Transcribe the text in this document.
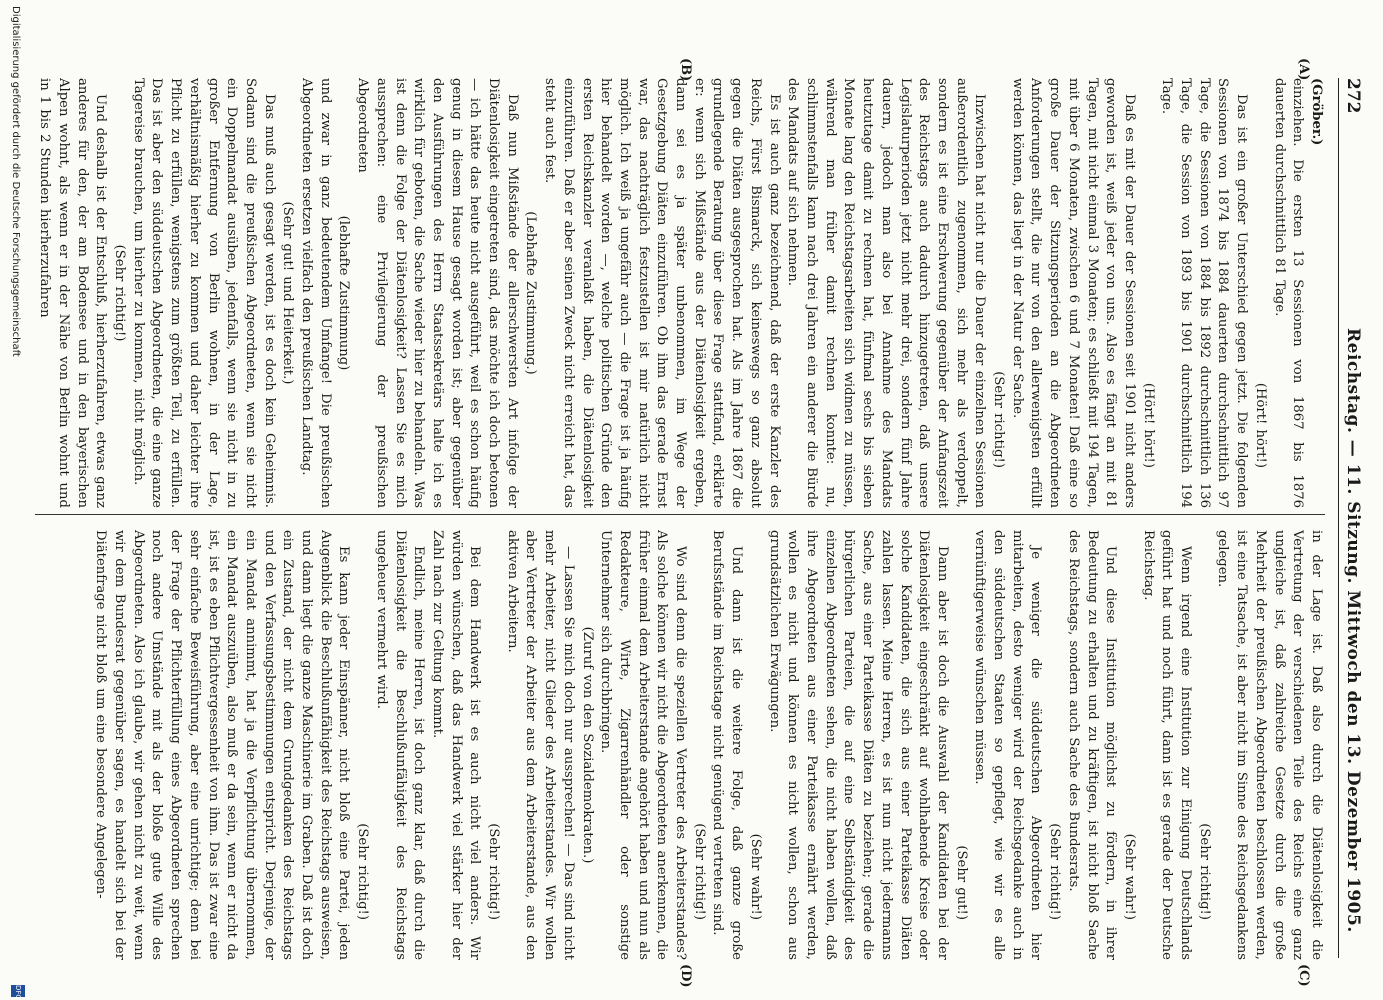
272
Reichstag. — 11. Sitzung. Mittwoch den 13. Dezember 1905.
(A)
(B)
(C)
(D)

(Gröber.)

einziehen. Die ersten 13 Sessionen von 1867 bis 1876 dauerten durchschnittlich 81 Tage.

(Hört! hört!)

Das ist ein großer Unterschied gegen jetzt. Die folgenden Sessionen von 1874 bis 1884 dauerten durchschnittlich 97 Tage, die Sessionen von 1884 bis 1892 durchschnittlich 136 Tage, die Session von 1893 bis 1901 durchschnittlich 194 Tage.

(Hört! hört!)

Daß es mit der Dauer der Sessionen seit 1901 nicht anders geworden ist, weiß jeder von uns. Also es fängt an mit 81 Tagen, mit nicht einmal 3 Monaten; es schließt mit 194 Tagen, mit über 6 Monaten, zwischen 6 und 7 Monaten! Daß eine so große Dauer der Sitzungsperioden an die Abgeordneten Anforderungen stellt, die nur von den allerwenigsten erfüllt werden können, das liegt in der Natur der Sache.

(Sehr richtig!)

Inzwischen hat nicht nur die Dauer der einzelnen Sessionen außerordentlich zugenommen, sich mehr als verdoppelt, sondern es ist eine Erschwerung gegenüber der Anfangszeit des Reichstags auch dadurch hinzugetreten, daß unsere Legislaturperioden jetzt nicht mehr drei, sondern fünf Jahre dauern, jedoch man also bei Annahme des Mandats heutzutage damit zu rechnen hat, fünfmal sechs bis sieben Monate lang den Reichstagsarbeiten sich widmen zu müssen, während man früher damit rechnen konnte: nu, schlimmstenfalls kann nach drei Jahren ein anderer die Bürde des Mandats auf sich nehmen.

Es ist auch ganz bezeichnend, daß der erste Kanzler des Reichs, Fürst Bismarck, sich keineswegs so ganz absolut gegen die Diäten ausgesprochen hat. Als im Jahre 1867 die grundlegende Beratung über diese Frage stattfand, erklärte er: wenn sich Mißstände aus der Diätenlosigkeit ergeben, dann sei es ja später unbenommen, im Wege der Gesetzgebung Diäten einzuführen. Ob ihm das gerade Ernst war, das nachträglich festzustellen ist mir natürlich nicht möglich. Ich weiß ja ungefähr auch — die Frage ist ja häufig hier behandelt worden —, welche politischen Gründe den ersten Reichskanzler veranlaßt haben, die Diätenlosigkeit einzuführen. Daß er aber seinen Zweck nicht erreicht hat, das steht auch fest.

(Lebhafte Zustimmung.)

Daß nun Mißstände der allerschwersten Art infolge der Diätenlosigkeit eingetreten sind, das möchte ich doch betonen — ich hätte das heute nicht ausgeführt, weil es schon häufig genug in diesem Hause gesagt worden ist; aber gegenüber den Ausführungen des Herrn Staatssekretärs halte ich es wirklich für geboten, die Sache wieder hier zu behandeln. Was ist denn die Folge der Diätenlosigkeit? Lassen Sie es mich aussprechen: eine Privilegierung der preußischen Abgeordneten

(lebhafte Zustimmung)

und zwar in ganz bedeutendem Umfange! Die preußischen Abgeordneten ersetzen vielfach den preußischen Landtag.

(Sehr gut! und Heiterkeit.)

Das muß auch gesagt werden, ist es doch kein Geheimnis. Sodann sind die preußischen Abgeordneten, wenn sie nicht ein Doppelmandat ausüben, jedenfalls, wenn sie nicht in zu großer Entfernung von Berlin wohnen, in der Lage, verhältnismäßig hierher zu kommen und daher leichter ihre Pflicht zu erfüllen, wenigstens zum größten Teil, zu erfüllen. Das ist aber den süddeutschen Abgeordneten, die eine ganze Tagereise brauchen, um hierher zu kommen, nicht möglich.

(Sehr richtig!)

Und deshalb ist der Entschluß, hierherzufahren, etwas ganz anderes für den, der am Bodensee und in den bayerischen Alpen wohnt, als wenn er in der Nähe von Berlin wohnt und in 1 bis 2 Stunden hierherzufahren

in der Lage ist. Daß also durch die Diätenlosigkeit die Vertretung der verschiedenen Teile des Reichs eine ganz ungleiche ist, daß zahlreiche Gesetze durch die große Mehrheit der preußischen Abgeordneten beschlossen werden, ist eine Tatsache, ist aber nicht im Sinne des Reichsgedankens gelegen.

(Sehr richtig!)

Wenn irgend eine Institution zur Einigung Deutschlands geführt hat und noch führt, dann ist es gerade der Deutsche Reichstag.

(Sehr wahr!)

Und diese Institution möglichst zu fördern, in ihrer Bedeutung zu erhalten und zu kräftigen, ist nicht bloß Sache des Reichstags, sondern auch Sache des Bundesrats.

(Sehr richtig!)

Je weniger die süddeutschen Abgeordneten hier mitarbeiten, desto weniger wird der Reichsgedanke auch in den süddeutschen Staaten so gepflegt, wie wir es alle vernünftigerweise wünschen müssen.

(Sehr gut!)

Dann aber ist doch die Auswahl der Kandidaten bei der Diätenlosigkeit eingeschränkt auf wohlhabende Kreise oder solche Kandidaten, die sich aus einer Parteikasse Diäten zahlen lassen. Meine Herren, es ist nun nicht jedermanns Sache, aus einer Parteikasse Diäten zu beziehen; gerade die bürgerlichen Parteien, die auf eine Selbständigkeit des einzelnen Abgeordneten sehen, die nicht haben wollen, daß ihre Abgeordneten aus einer Parteikasse ernährt werden, wollen es nicht und können es nicht wollen, schon aus grundsätzlichen Erwägungen.

(Sehr wahr!)

Und dann ist die weitere Folge, daß ganze große Berufsstände im Reichstage nicht genügend vertreten sind.

(Sehr richtig!)

Wo sind denn die speziellen Vertreter des Arbeiterstandes? Als solche können wir nicht die Abgeordneten anerkennen, die früher einmal dem Arbeiterstande angehört haben und nun als Redakteure, Wirte, Zigarrenhändler oder sonstige Unternehmer sich durchbringen.

(Zuruf von den Sozialdemokraten.)

— Lassen Sie mich doch nur aussprechen! — Das sind nicht mehr Arbeiter, nicht Glieder des Arbeiterstandes. Wir wollen aber Vertreter der Arbeiter aus dem Arbeiterstande, aus den aktiven Arbeitern.

(Sehr richtig!)

Bei dem Handwerk ist es auch nicht viel anders. Wir würden wünschen, daß das Handwerk viel stärker hier der Zahl nach zur Geltung kommt.

Endlich, meine Herren, ist doch ganz klar, daß durch die Diätenlosigkeit die Beschlußunfähigkeit des Reichstags ungeheuer vermehrt wird.

(Sehr richtig!)

Es kann jeder Einspänner, nicht bloß eine Partei, jeden Augenblick die Beschlußunfähigkeit des Reichstags ausweisen, und dann liegt die ganze Maschinerie im Graben. Daß ist doch ein Zustand, der nicht dem Grundgedanken des Reichstags und den Verfassungsbestimmungen entspricht. Derjenige, der ein Mandat annimmt, hat ja die Verpflichtung übernommen, ein Mandat auszuüben, also muß er da sein, wenn er nicht da ist, ist es eben Pflichtvergessenheit von ihm. Das ist zwar eine sehr einfache Beweisführung, aber eine unrichtige; denn bei der Frage der Pflichterfüllung eines Abgeordneten sprechen noch andere Umstände mit als der bloße gute Wille des Abgeordneten. Also ich glaube, wir gehen nicht zu weit, wenn wir dem Bundesrat gegenüber sagen, es handelt sich bei der Diätenfrage nicht bloß um eine besondere Angelegen-

Digitalisierung gefördert durch die Deutsche Forschungsgemeinschaft
DFG
